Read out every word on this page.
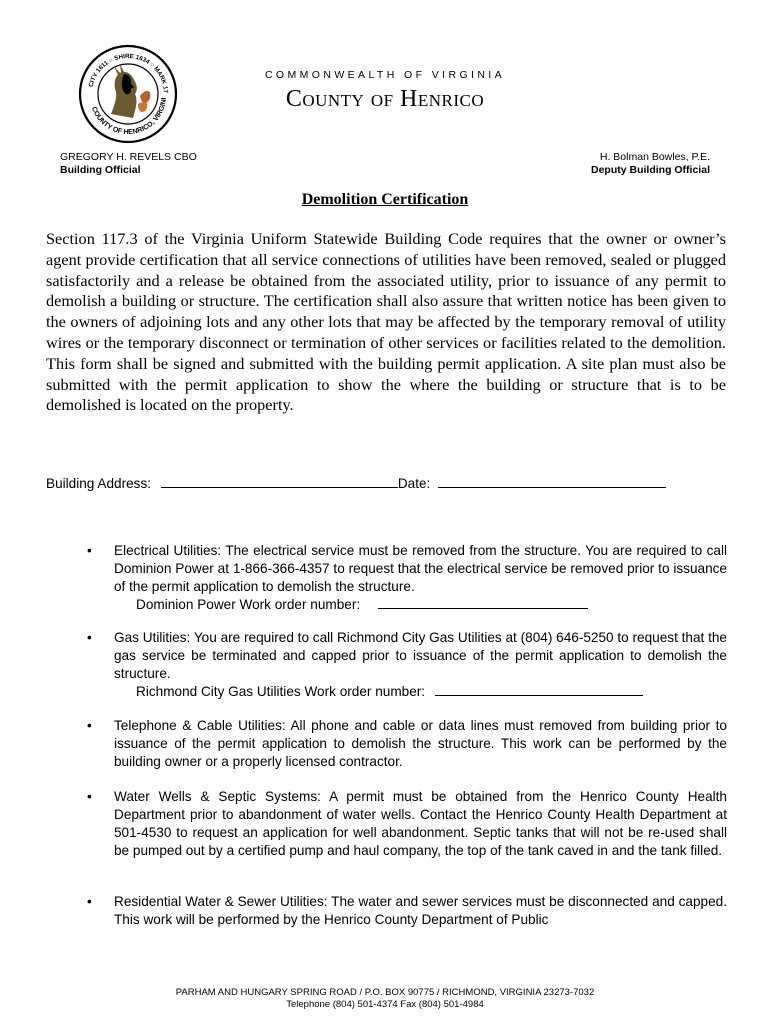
CITY 1611 ○ SHIRE 1634 ○ MARK 17
COUNTY OF HENRICO, VIRGINI
COMMONWEALTH OF VIRGINIA
County of Henrico
GREGORY H. REVELS CBO
Building Official
H. Bolman Bowles, P.E.
Deputy Building Official
Demolition Certification
Section 117.3 of the Virginia Uniform Statewide Building Code requires that the owner or owner’s agent provide certification that all service connections of utilities have been removed, sealed or plugged satisfactorily and a release be obtained from the associated utility, prior to issuance of any permit to demolish a building or structure. The certification shall also assure that written notice has been given to the owners of adjoining lots and any other lots that may be affected by the temporary removal of utility wires or the temporary disconnect or termination of other services or facilities related to the demolition. This form shall be signed and submitted with the building permit application. A site plan must also be submitted with the permit application to show the where the building or structure that is to be demolished is located on the property.
Building Address:	Date:
• Electrical Utilities: The electrical service must be removed from the structure. You are required to call Dominion Power at 1-866-366-4357 to request that the electrical service be removed prior to issuance of the permit application to demolish the structure.
Dominion Power Work order number:
• Gas Utilities: You are required to call Richmond City Gas Utilities at (804) 646-5250 to request that the gas service be terminated and capped prior to issuance of the permit application to demolish the structure.
Richmond City Gas Utilities Work order number:
• Telephone & Cable Utilities: All phone and cable or data lines must removed from building prior to issuance of the permit application to demolish the structure. This work can be performed by the building owner or a properly licensed contractor.
• Water Wells & Septic Systems: A permit must be obtained from the Henrico County Health Department prior to abandonment of water wells. Contact the Henrico County Health Department at 501-4530 to request an application for well abandonment. Septic tanks that will not be re-used shall be pumped out by a certified pump and haul company, the top of the tank caved in and the tank filled.
• Residential Water & Sewer Utilities: The water and sewer services must be disconnected and capped. This work will be performed by the Henrico County Department of Public
PARHAM AND HUNGARY SPRING ROAD / P.O. BOX 90775 / RICHMOND, VIRGINIA 23273-7032
Telephone (804) 501-4374 Fax (804) 501-4984
